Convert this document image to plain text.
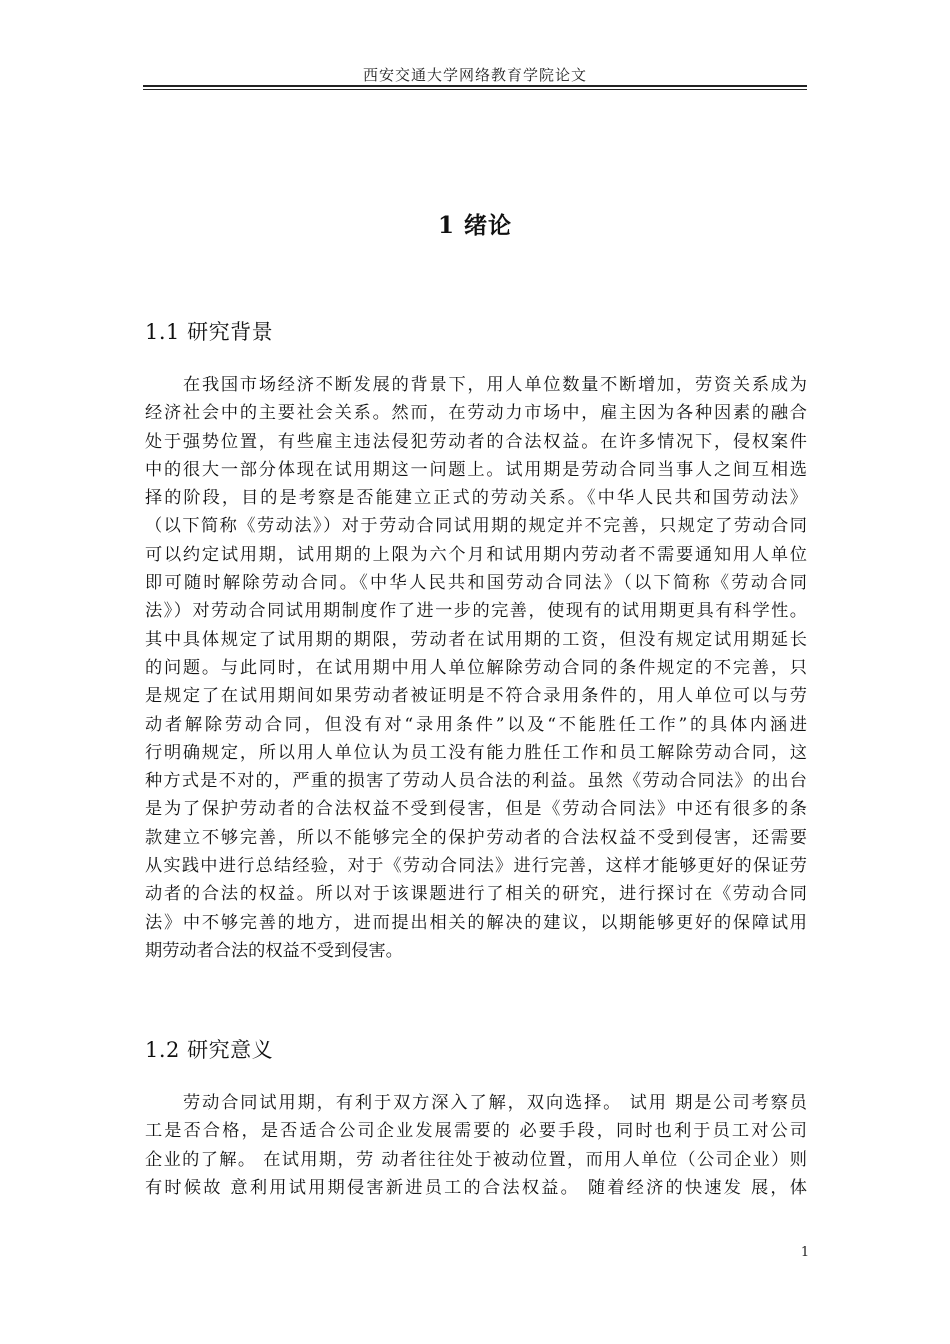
西安交通大学网络教育学院论文
1 绪论
1.1 研究背景
在我国市场经济不断发展的背景下，用人单位数量不断增加，劳资关系成为
经济社会中的主要社会关系。然而，在劳动力市场中，雇主因为各种因素的融合
处于强势位置，有些雇主违法侵犯劳动者的合法权益。在许多情况下，侵权案件
中的很大一部分体现在试用期这一问题上。试用期是劳动合同当事人之间互相选
择的阶段，目的是考察是否能建立正式的劳动关系。《中华人民共和国劳动法》
（以下简称《劳动法》）对于劳动合同试用期的规定并不完善，只规定了劳动合同
可以约定试用期，试用期的上限为六个月和试用期内劳动者不需要通知用人单位
即可随时解除劳动合同。《中华人民共和国劳动合同法》（以下简称《劳动合同
法》）对劳动合同试用期制度作了进一步的完善，使现有的试用期更具有科学性。
其中具体规定了试用期的期限，劳动者在试用期的工资，但没有规定试用期延长
的问题。与此同时，在试用期中用人单位解除劳动合同的条件规定的不完善，只
是规定了在试用期间如果劳动者被证明是不符合录用条件的，用人单位可以与劳
动者解除劳动合同，但没有对“录用条件”以及“不能胜任工作”的具体内涵进
行明确规定，所以用人单位认为员工没有能力胜任工作和员工解除劳动合同，这
种方式是不对的，严重的损害了劳动人员合法的利益。虽然《劳动合同法》的出台
是为了保护劳动者的合法权益不受到侵害，但是《劳动合同法》中还有很多的条
款建立不够完善，所以不能够完全的保护劳动者的合法权益不受到侵害，还需要
从实践中进行总结经验，对于《劳动合同法》进行完善，这样才能够更好的保证劳
动者的合法的权益。所以对于该课题进行了相关的研究，进行探讨在《劳动合同
法》中不够完善的地方，进而提出相关的解决的建议，以期能够更好的保障试用
期劳动者合法的权益不受到侵害。
1.2 研究意义
劳动合同试用期，有利于双方深入了解，双向选择。 试用 期是公司考察员
工是否合格，是否适合公司企业发展需要的 必要手段，同时也利于员工对公司
企业的了解。 在试用期，劳 动者往往处于被动位置，而用人单位（公司企业）则
有时候故 意利用试用期侵害新进员工的合法权益。 随着经济的快速发 展，体
1
